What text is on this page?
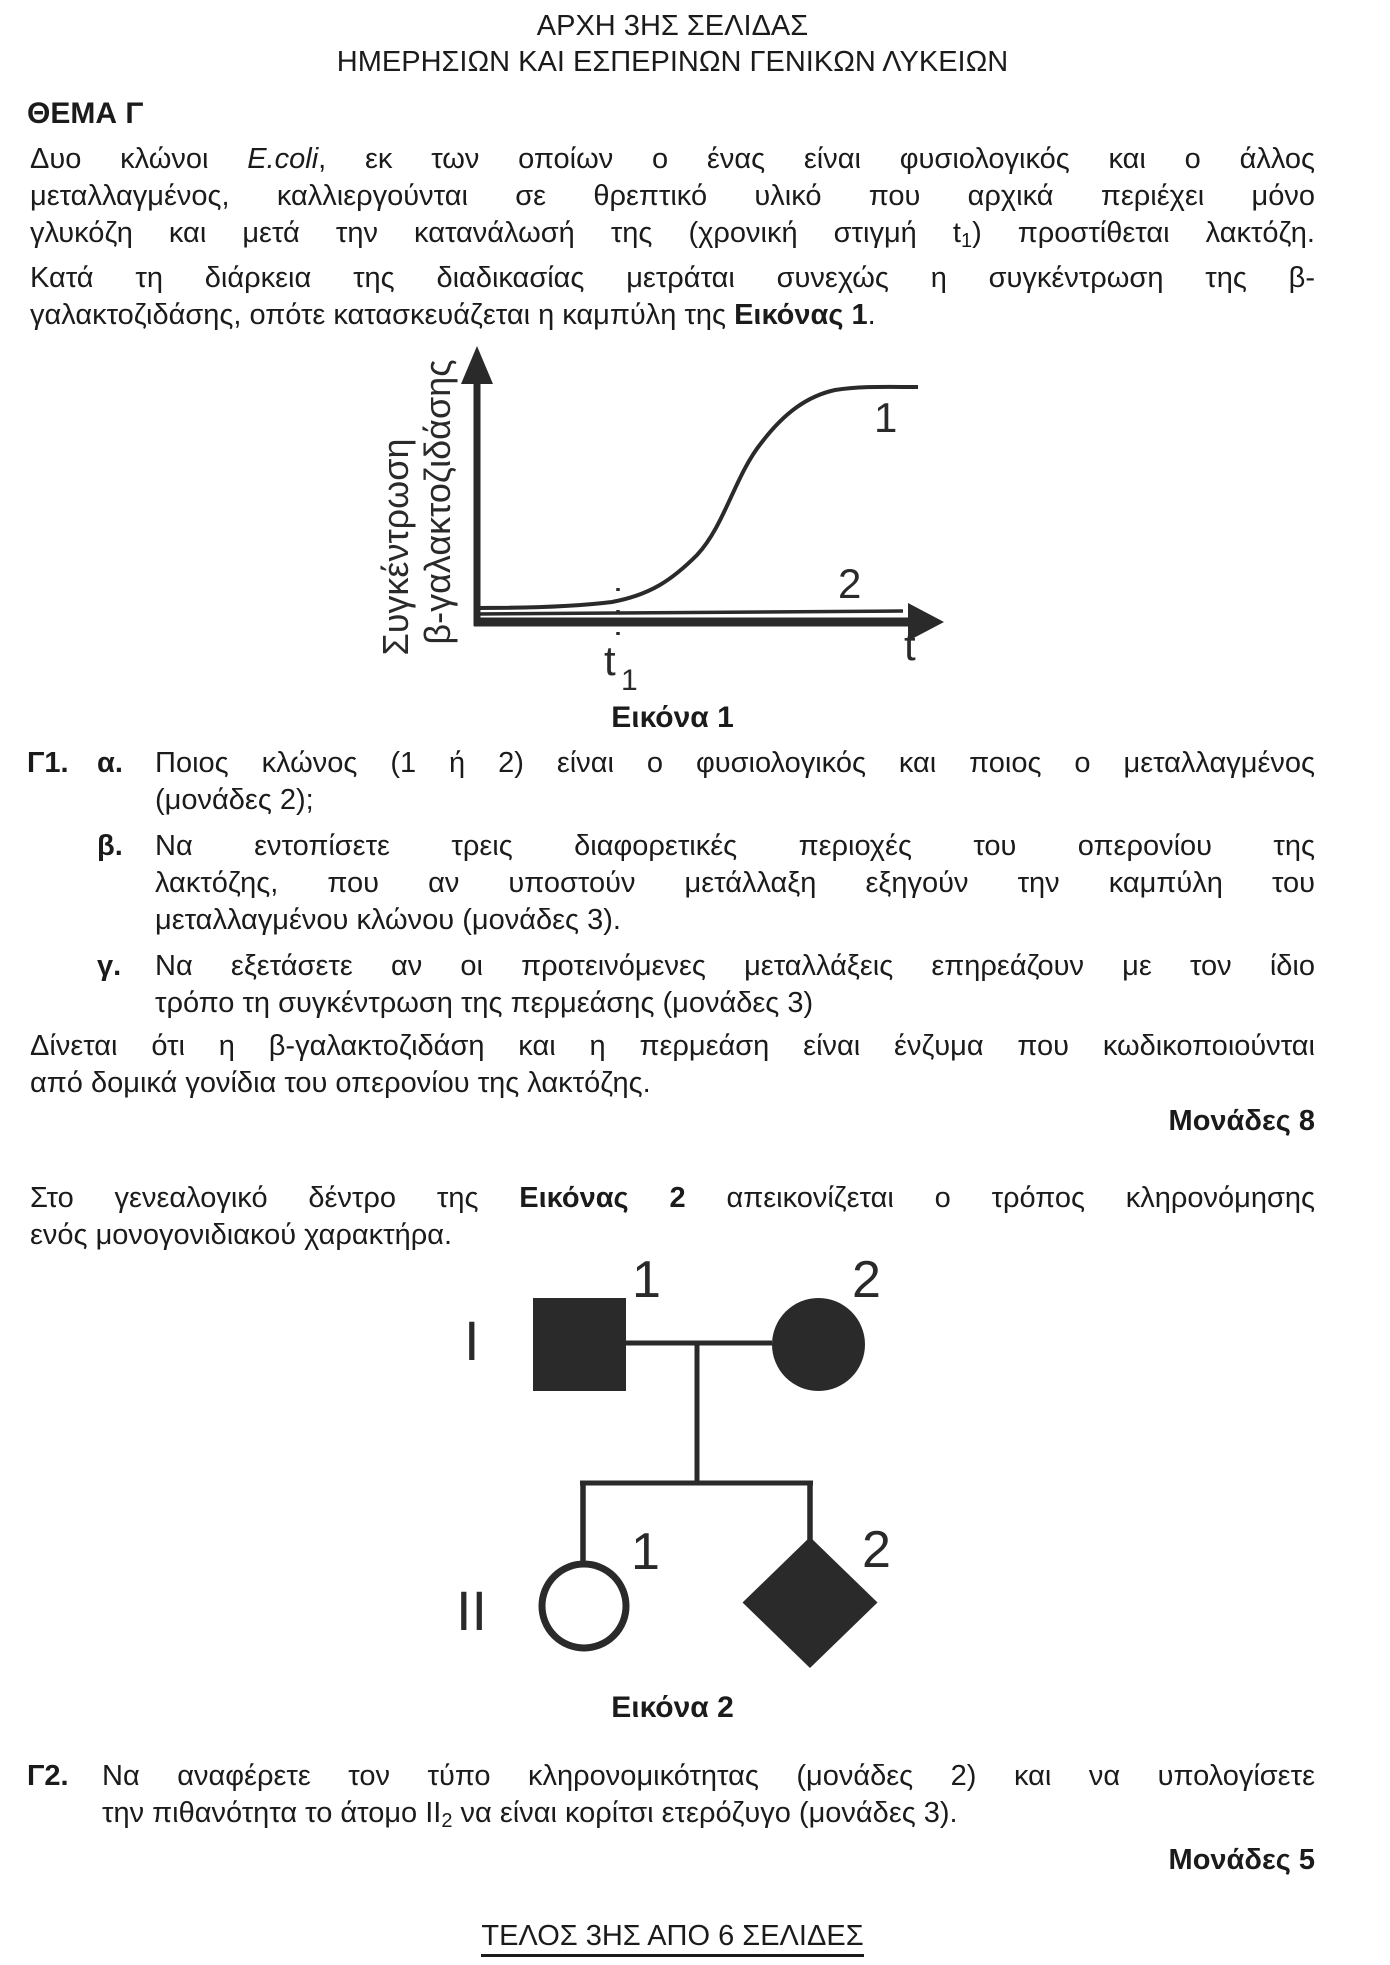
ΑΡΧΗ 3ΗΣ ΣΕΛΙΔΑΣ
ΗΜΕΡΗΣΙΩΝ ΚΑΙ ΕΣΠΕΡΙΝΩΝ ΓΕΝΙΚΩΝ ΛΥΚΕΙΩΝ
ΘΕΜΑ Γ
Δυο κλώνοι E.coli, εκ των οποίων ο ένας είναι φυσιολογικός και ο άλλος
μεταλλαγμένος, καλλιεργούνται σε θρεπτικό υλικό που αρχικά περιέχει μόνο
γλυκόζη και μετά την κατανάλωσή της (χρονική στιγμή $t_1$) προστίθεται λακτόζη.
Κατά τη διάρκεια της διαδικασίας μετράται συνεχώς η συγκέντρωση της β-
γαλακτοζιδάσης, οπότε κατασκευάζεται η καμπύλη της Εικόνας 1.
1
2
t
t 1
Συγκέντρωση β-γαλακτοζιδάσης
Εικόνα 1
Γ1. α. Ποιος κλώνος (1 ή 2) είναι ο φυσιολογικός και ποιος ο μεταλλαγμένος
(μονάδες 2);
β. Να εντοπίσετε τρεις διαφορετικές περιοχές του οπερονίου της
λακτόζης, που αν υποστούν μετάλλαξη εξηγούν την καμπύλη του
μεταλλαγμένου κλώνου (μονάδες 3).
γ. Να εξετάσετε αν οι προτεινόμενες μεταλλάξεις επηρεάζουν με τον ίδιο
τρόπο τη συγκέντρωση της περμεάσης (μονάδες 3)
Δίνεται ότι η β-γαλακτοζιδάση και η περμεάση είναι ένζυμα που κωδικοποιούνται
από δομικά γονίδια του οπερονίου της λακτόζης.
Μονάδες 8
Στο γενεαλογικό δέντρο της Εικόνας 2 απεικονίζεται ο τρόπος κληρονόμησης
ενός μονογονιδιακού χαρακτήρα.
I
II
1	2
1	2
Εικόνα 2
Γ2. Να αναφέρετε τον τύπο κληρονομικότητας (μονάδες 2) και να υπολογίσετε
την πιθανότητα το άτομο $II_2$ να είναι κορίτσι ετερόζυγο (μονάδες 3).
Μονάδες 5
ΤΕΛΟΣ 3ΗΣ ΑΠΟ 6 ΣΕΛΙΔΕΣ
